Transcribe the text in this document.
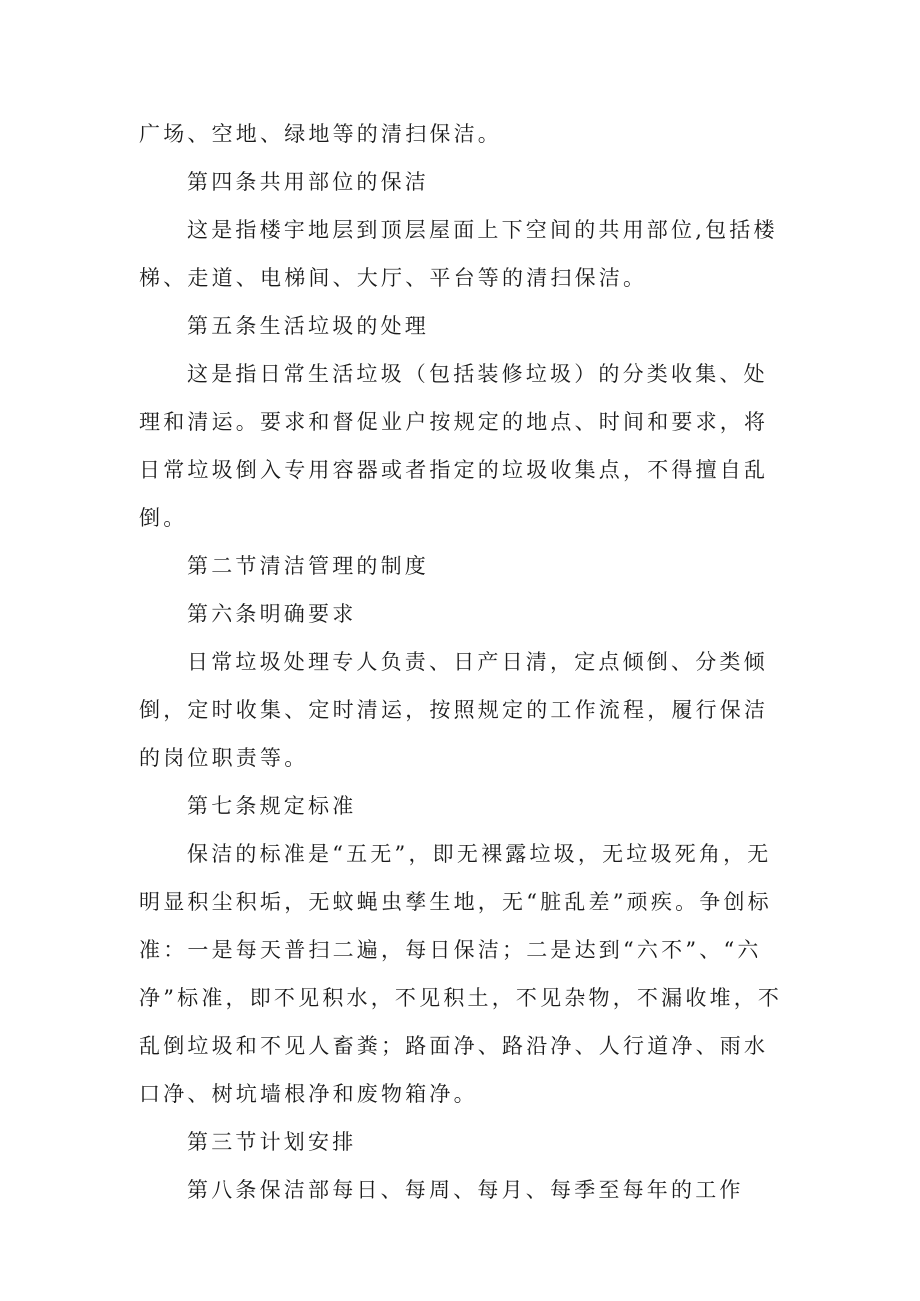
广场、空地、绿地等的清扫保洁。

第四条共用部位的保洁

这是指楼宇地层到顶层屋面上下空间的共用部位,包括楼梯、走道、电梯间、大厅、平台等的清扫保洁。

第五条生活垃圾的处理

这是指日常生活垃圾（包括装修垃圾）的分类收集、处理和清运。要求和督促业户按规定的地点、时间和要求，将日常垃圾倒入专用容器或者指定的垃圾收集点，不得擅自乱倒。

第二节清洁管理的制度

第六条明确要求

日常垃圾处理专人负责、日产日清，定点倾倒、分类倾倒，定时收集、定时清运，按照规定的工作流程，履行保洁的岗位职责等。

第七条规定标准

保洁的标准是“五无”，即无裸露垃圾，无垃圾死角，无明显积尘积垢，无蚊蝇虫孳生地，无“脏乱差”顽疾。争创标准：一是每天普扫二遍，每日保洁；二是达到“六不”、“六净”标准，即不见积水，不见积土，不见杂物，不漏收堆，不乱倒垃圾和不见人畜粪；路面净、路沿净、人行道净、雨水口净、树坑墙根净和废物箱净。

第三节计划安排

第八条保洁部每日、每周、每月、每季至每年的工作
